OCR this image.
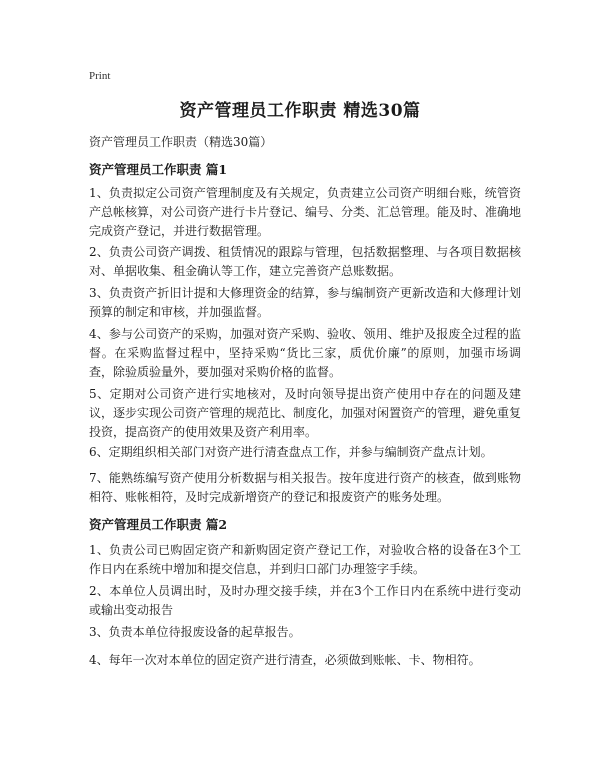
Print
资产管理员工作职责 精选30篇
资产管理员工作职责（精选30篇）
资产管理员工作职责 篇1
1、负责拟定公司资产管理制度及有关规定，负责建立公司资产明细台账，统管资产总帐核算，对公司资产进行卡片登记、编号、分类、汇总管理。能及时、准确地完成资产登记，并进行数据管理。
2、负责公司资产调拨、租赁情况的跟踪与管理，包括数据整理、与各项目数据核对、单据收集、租金确认等工作，建立完善资产总账数据。
3、负责资产折旧计提和大修理资金的结算，参与编制资产更新改造和大修理计划预算的制定和审核，并加强监督。
4、参与公司资产的采购，加强对资产采购、验收、领用、维护及报废全过程的监督。在采购监督过程中，坚持采购“货比三家，质优价廉”的原则，加强市场调查，除验质验量外，要加强对采购价格的监督。
5、定期对公司资产进行实地核对，及时向领导提出资产使用中存在的问题及建议，逐步实现公司资产管理的规范比、制度化，加强对闲置资产的管理，避免重复投资，提高资产的使用效果及资产利用率。
6、定期组织相关部门对资产进行清查盘点工作，并参与编制资产盘点计划。
7、能熟练编写资产使用分析数据与相关报告。按年度进行资产的核查，做到账物相符、账帐相符，及时完成新增资产的登记和报废资产的账务处理。
资产管理员工作职责 篇2
1、负责公司已购固定资产和新购固定资产登记工作，对验收合格的设备在3个工作日内在系统中增加和提交信息，并到归口部门办理签字手续。
2、本单位人员调出时，及时办理交接手续，并在3个工作日内在系统中进行变动或输出变动报告
3、负责本单位待报废设备的起草报告。
4、每年一次对本单位的固定资产进行清查，必须做到账帐、卡、物相符。
